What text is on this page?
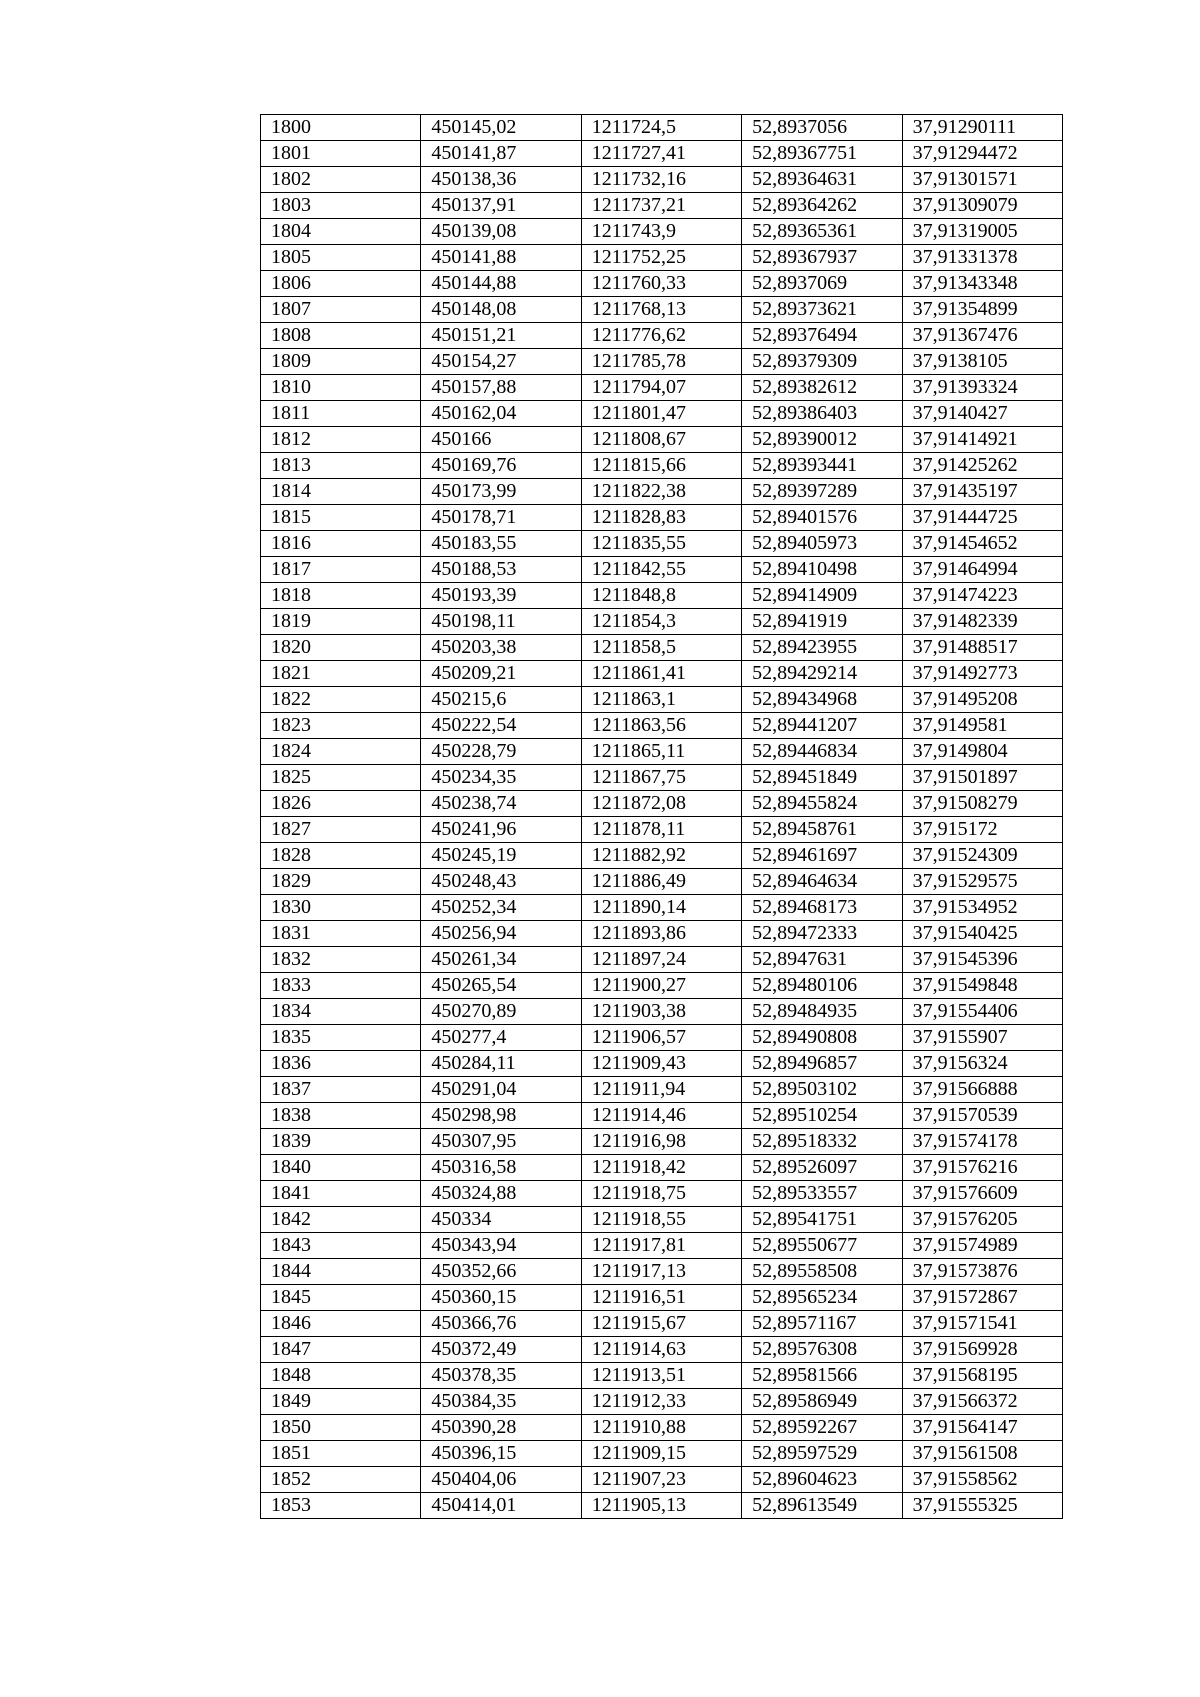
1800	450145,02	1211724,5	52,8937056	37,91290111
1801	450141,87	1211727,41	52,89367751	37,91294472
1802	450138,36	1211732,16	52,89364631	37,91301571
1803	450137,91	1211737,21	52,89364262	37,91309079
1804	450139,08	1211743,9	52,89365361	37,91319005
1805	450141,88	1211752,25	52,89367937	37,91331378
1806	450144,88	1211760,33	52,8937069	37,91343348
1807	450148,08	1211768,13	52,89373621	37,91354899
1808	450151,21	1211776,62	52,89376494	37,91367476
1809	450154,27	1211785,78	52,89379309	37,9138105
1810	450157,88	1211794,07	52,89382612	37,91393324
1811	450162,04	1211801,47	52,89386403	37,9140427
1812	450166	1211808,67	52,89390012	37,91414921
1813	450169,76	1211815,66	52,89393441	37,91425262
1814	450173,99	1211822,38	52,89397289	37,91435197
1815	450178,71	1211828,83	52,89401576	37,91444725
1816	450183,55	1211835,55	52,89405973	37,91454652
1817	450188,53	1211842,55	52,89410498	37,91464994
1818	450193,39	1211848,8	52,89414909	37,91474223
1819	450198,11	1211854,3	52,8941919	37,91482339
1820	450203,38	1211858,5	52,89423955	37,91488517
1821	450209,21	1211861,41	52,89429214	37,91492773
1822	450215,6	1211863,1	52,89434968	37,91495208
1823	450222,54	1211863,56	52,89441207	37,9149581
1824	450228,79	1211865,11	52,89446834	37,9149804
1825	450234,35	1211867,75	52,89451849	37,91501897
1826	450238,74	1211872,08	52,89455824	37,91508279
1827	450241,96	1211878,11	52,89458761	37,915172
1828	450245,19	1211882,92	52,89461697	37,91524309
1829	450248,43	1211886,49	52,89464634	37,91529575
1830	450252,34	1211890,14	52,89468173	37,91534952
1831	450256,94	1211893,86	52,89472333	37,91540425
1832	450261,34	1211897,24	52,8947631	37,91545396
1833	450265,54	1211900,27	52,89480106	37,91549848
1834	450270,89	1211903,38	52,89484935	37,91554406
1835	450277,4	1211906,57	52,89490808	37,9155907
1836	450284,11	1211909,43	52,89496857	37,9156324
1837	450291,04	1211911,94	52,89503102	37,91566888
1838	450298,98	1211914,46	52,89510254	37,91570539
1839	450307,95	1211916,98	52,89518332	37,91574178
1840	450316,58	1211918,42	52,89526097	37,91576216
1841	450324,88	1211918,75	52,89533557	37,91576609
1842	450334	1211918,55	52,89541751	37,91576205
1843	450343,94	1211917,81	52,89550677	37,91574989
1844	450352,66	1211917,13	52,89558508	37,91573876
1845	450360,15	1211916,51	52,89565234	37,91572867
1846	450366,76	1211915,67	52,89571167	37,91571541
1847	450372,49	1211914,63	52,89576308	37,91569928
1848	450378,35	1211913,51	52,89581566	37,91568195
1849	450384,35	1211912,33	52,89586949	37,91566372
1850	450390,28	1211910,88	52,89592267	37,91564147
1851	450396,15	1211909,15	52,89597529	37,91561508
1852	450404,06	1211907,23	52,89604623	37,91558562
1853	450414,01	1211905,13	52,89613549	37,91555325
